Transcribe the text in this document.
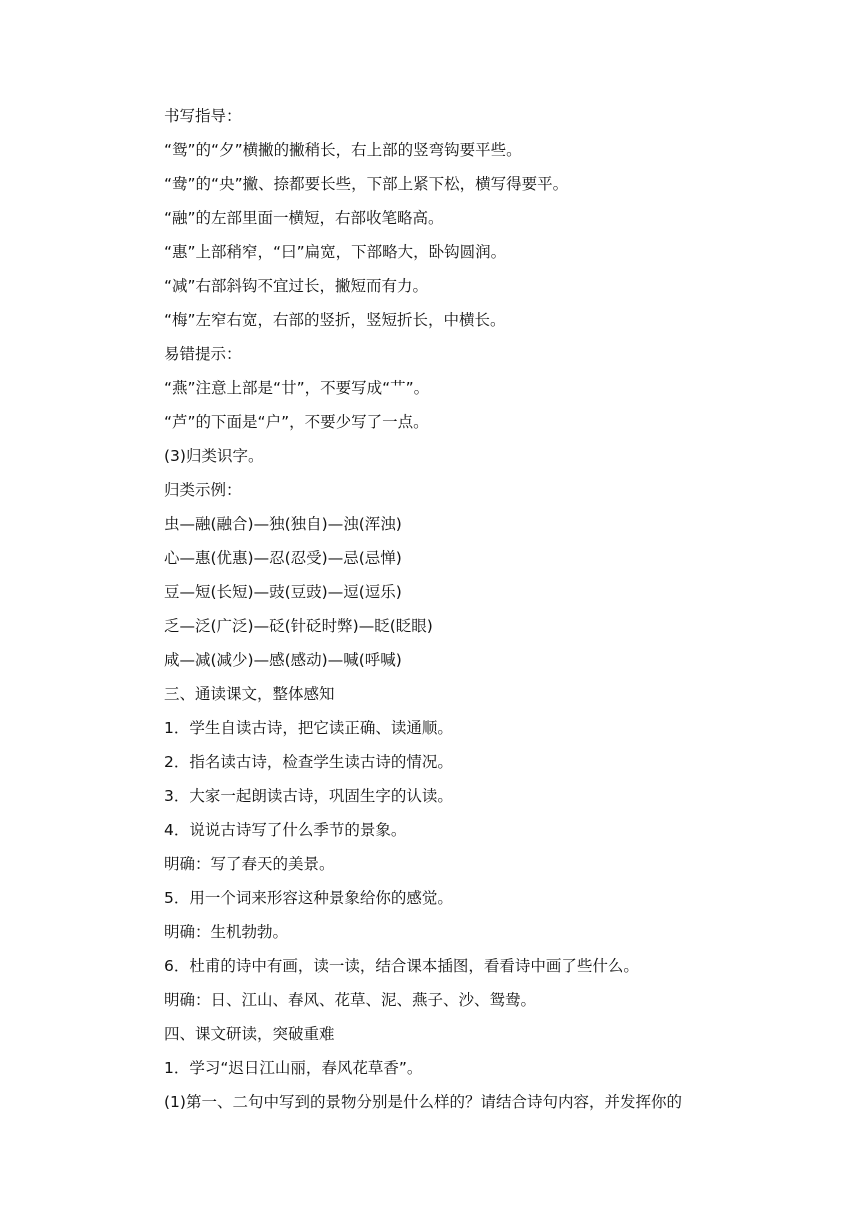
书写指导：
“鸳”的“夕”横撇的撇稍长，右上部的竖弯钩要平些。
“鸯”的“央”撇、捺都要长些，下部上紧下松，横写得要平。
“融”的左部里面一横短，右部收笔略高。
“惠”上部稍窄，“曰”扁宽，下部略大，卧钩圆润。
“减”右部斜钩不宜过长，撇短而有力。
“梅”左窄右宽，右部的竖折，竖短折长，中横长。
易错提示：
“燕”注意上部是“廿”，不要写成“艹”。
“芦”的下面是“户”，不要少写了一点。
(3)归类识字。
归类示例：
虫—融(融合)—独(独自)—浊(浑浊)
心—惠(优惠)—忍(忍受)—忌(忌惮)
豆—短(长短)—豉(豆豉)—逗(逗乐)
乏—泛(广泛)—砭(针砭时弊)—眨(眨眼)
咸—减(减少)—感(感动)—喊(呼喊)
三、通读课文，整体感知
1．学生自读古诗，把它读正确、读通顺。
2．指名读古诗，检查学生读古诗的情况。
3．大家一起朗读古诗，巩固生字的认读。
4．说说古诗写了什么季节的景象。
明确：写了春天的美景。
5．用一个词来形容这种景象给你的感觉。
明确：生机勃勃。
6．杜甫的诗中有画，读一读，结合课本插图，看看诗中画了些什么。
明确：日、江山、春风、花草、泥、燕子、沙、鸳鸯。
四、课文研读，突破重难
1．学习“迟日江山丽，春风花草香”。
(1)第一、二句中写到的景物分别是什么样的？请结合诗句内容，并发挥你的
